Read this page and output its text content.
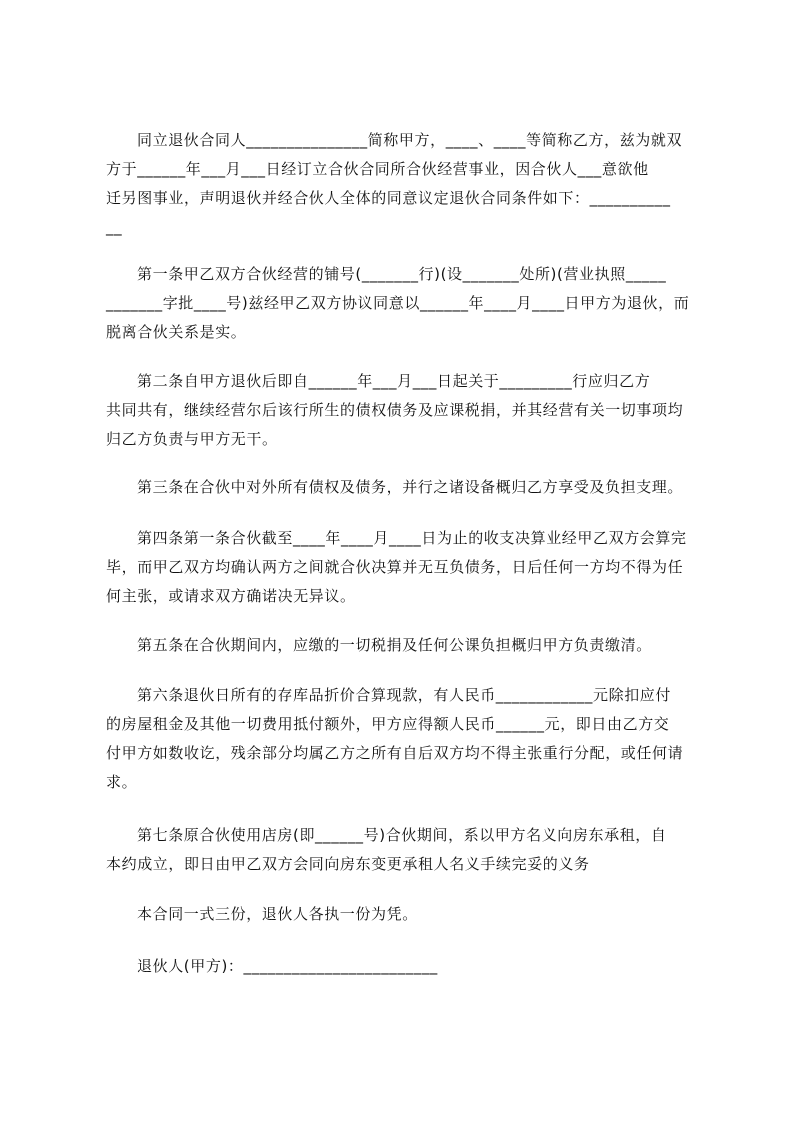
同立退伙合同人_______________简称甲方，____、____等简称乙方，兹为就双
方于______年___月___日经订立合伙合同所合伙经营事业，因合伙人___意欲他
迁另图事业，声明退伙并经合伙人全体的同意议定退伙合同条件如下：__________
__
第一条甲乙双方合伙经营的铺号(_______行)(设_______处所)(营业执照_____
_______字批____号)兹经甲乙双方协议同意以______年____月____日甲方为退伙，而
脱离合伙关系是实。
第二条自甲方退伙后即自______年___月___日起关于_________行应归乙方
共同共有，继续经营尔后该行所生的债权债务及应课税捐，并其经营有关一切事项均
归乙方负责与甲方无干。
第三条在合伙中对外所有债权及债务，并行之诸设备概归乙方享受及负担支理。
第四条第一条合伙截至____年____月____日为止的收支决算业经甲乙双方会算完
毕，而甲乙双方均确认两方之间就合伙决算并无互负债务，日后任何一方均不得为任
何主张，或请求双方确诺决无异议。
第五条在合伙期间内，应缴的一切税捐及任何公课负担概归甲方负责缴清。
第六条退伙日所有的存库品折价合算现款，有人民币____________元除扣应付
的房屋租金及其他一切费用抵付额外，甲方应得额人民币______元，即日由乙方交
付甲方如数收讫，残余部分均属乙方之所有自后双方均不得主张重行分配，或任何请
求。
第七条原合伙使用店房(即______号)合伙期间，系以甲方名义向房东承租，自
本约成立，即日由甲乙双方会同向房东变更承租人名义手续完妥的义务
本合同一式三份，退伙人各执一份为凭。
退伙人(甲方)：________________________
